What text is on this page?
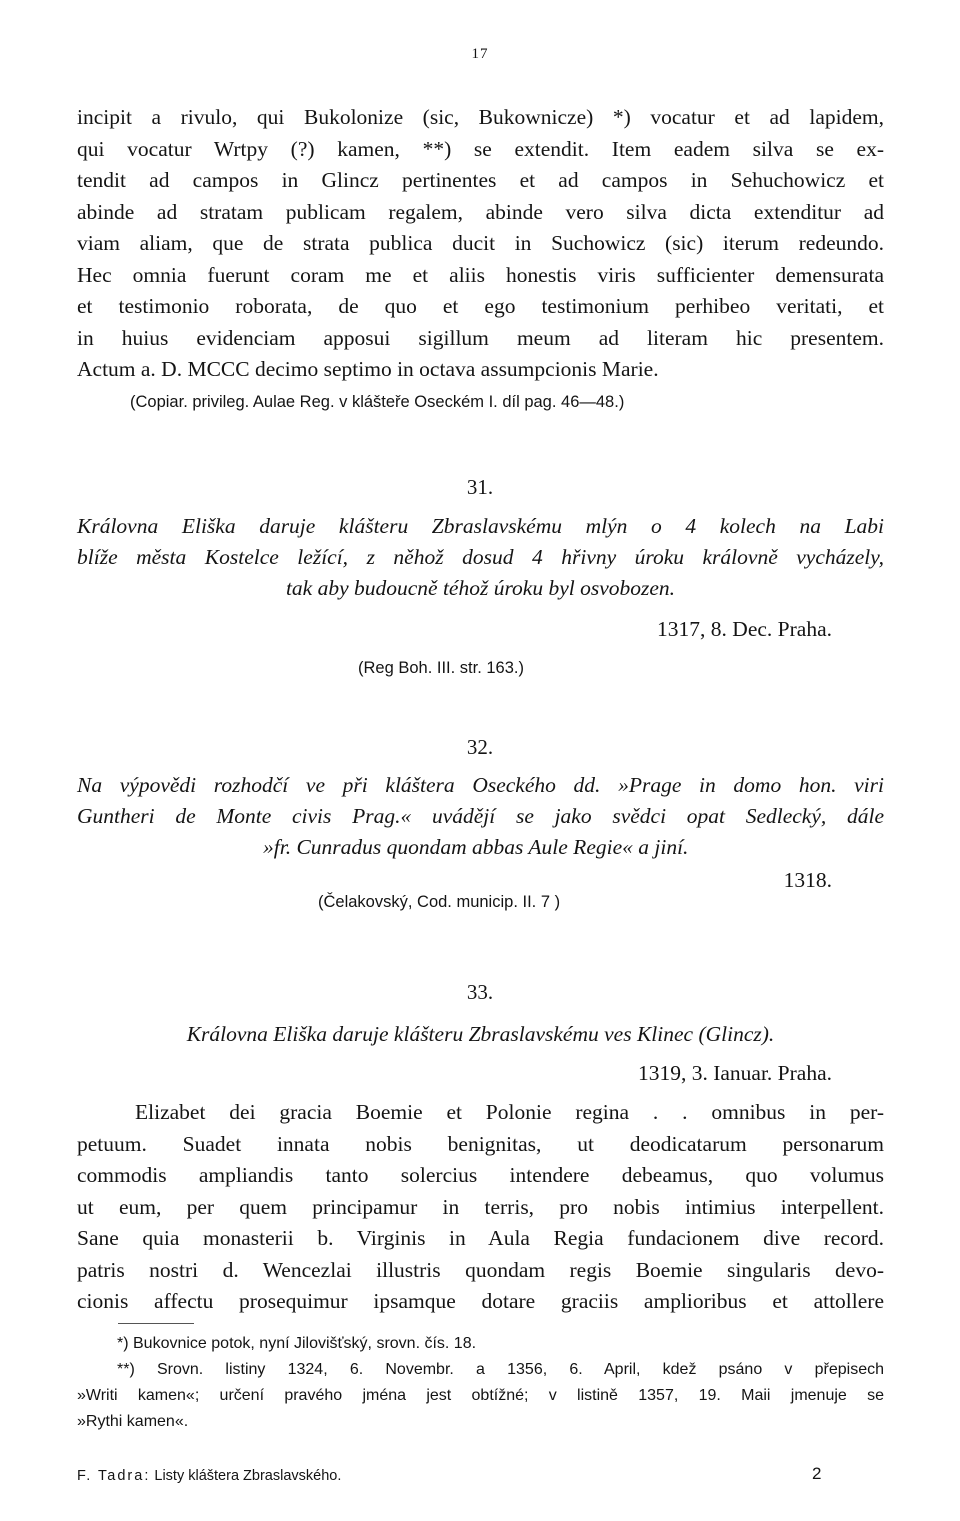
17
incipit a rivulo, qui Bukolonize (sic, Bukownicze) *) vocatur et ad lapidem,
qui vocatur Wrtpy (?) kamen, **) se extendit. Item eadem silva se ex-
tendit ad campos in Glincz pertinentes et ad campos in Sehuchowicz et
abinde ad stratam publicam regalem, abinde vero silva dicta extenditur ad
viam aliam, que de strata publica ducit in Suchowicz (sic) iterum redeundo.
Hec omnia fuerunt coram me et aliis honestis viris sufficienter demensurata
et testimonio roborata, de quo et ego testimonium perhibeo veritati, et
in huius evidenciam apposui sigillum meum ad literam hic presentem.
Actum a. D. MCCC decimo septimo in octava assumpcionis Marie.
(Copiar. privileg. Aulae Reg. v klášteře Oseckém I. díl pag. 46—48.)
31.
Královna Eliška daruje klášteru Zbraslavskému mlýn o 4 kolech na Labi
blíže města Kostelce ležící, z něhož dosud 4 hřivny úroku královně vycházely,
tak aby budoucně téhož úroku byl osvobozen.
1317, 8. Dec. Praha.
(Reg Boh. III. str. 163.)
32.
Na výpovědi rozhodčí ve při kláštera Oseckého dd. »Prage in domo hon. viri
Guntheri de Monte civis Prag.« uvádějí se jako svědci opat Sedlecký, dále
»fr. Cunradus quondam abbas Aule Regie« a jiní.
1318.
(Čelakovský, Cod. municip. II. 7 )
33.
Královna Eliška daruje klášteru Zbraslavskému ves Klinec (Glincz).
1319, 3. Ianuar. Praha.
Elizabet dei gracia Boemie et Polonie regina . . omnibus in per-
petuum. Suadet innata nobis benignitas, ut deodicatarum personarum
commodis ampliandis tanto solercius intendere debeamus, quo volumus
ut eum, per quem principamur in terris, pro nobis intimius interpellent.
Sane quia monasterii b. Virginis in Aula Regia fundacionem dive record.
patris nostri d. Wencezlai illustris quondam regis Boemie singularis devo-
cionis affectu prosequimur ipsamque dotare graciis amplioribus et attollere
*) Bukovnice potok, nyní Jilovišťský, srovn. čís. 18.
**) Srovn. listiny 1324, 6. Novembr. a 1356, 6. April, kdež psáno v přepisech
»Writi kamen«; určení pravého jména jest obtížné; v listině 1357, 19. Maii jmenuje se
»Rythi kamen«.
F. Tadra: Listy kláštera Zbraslavského.	2
